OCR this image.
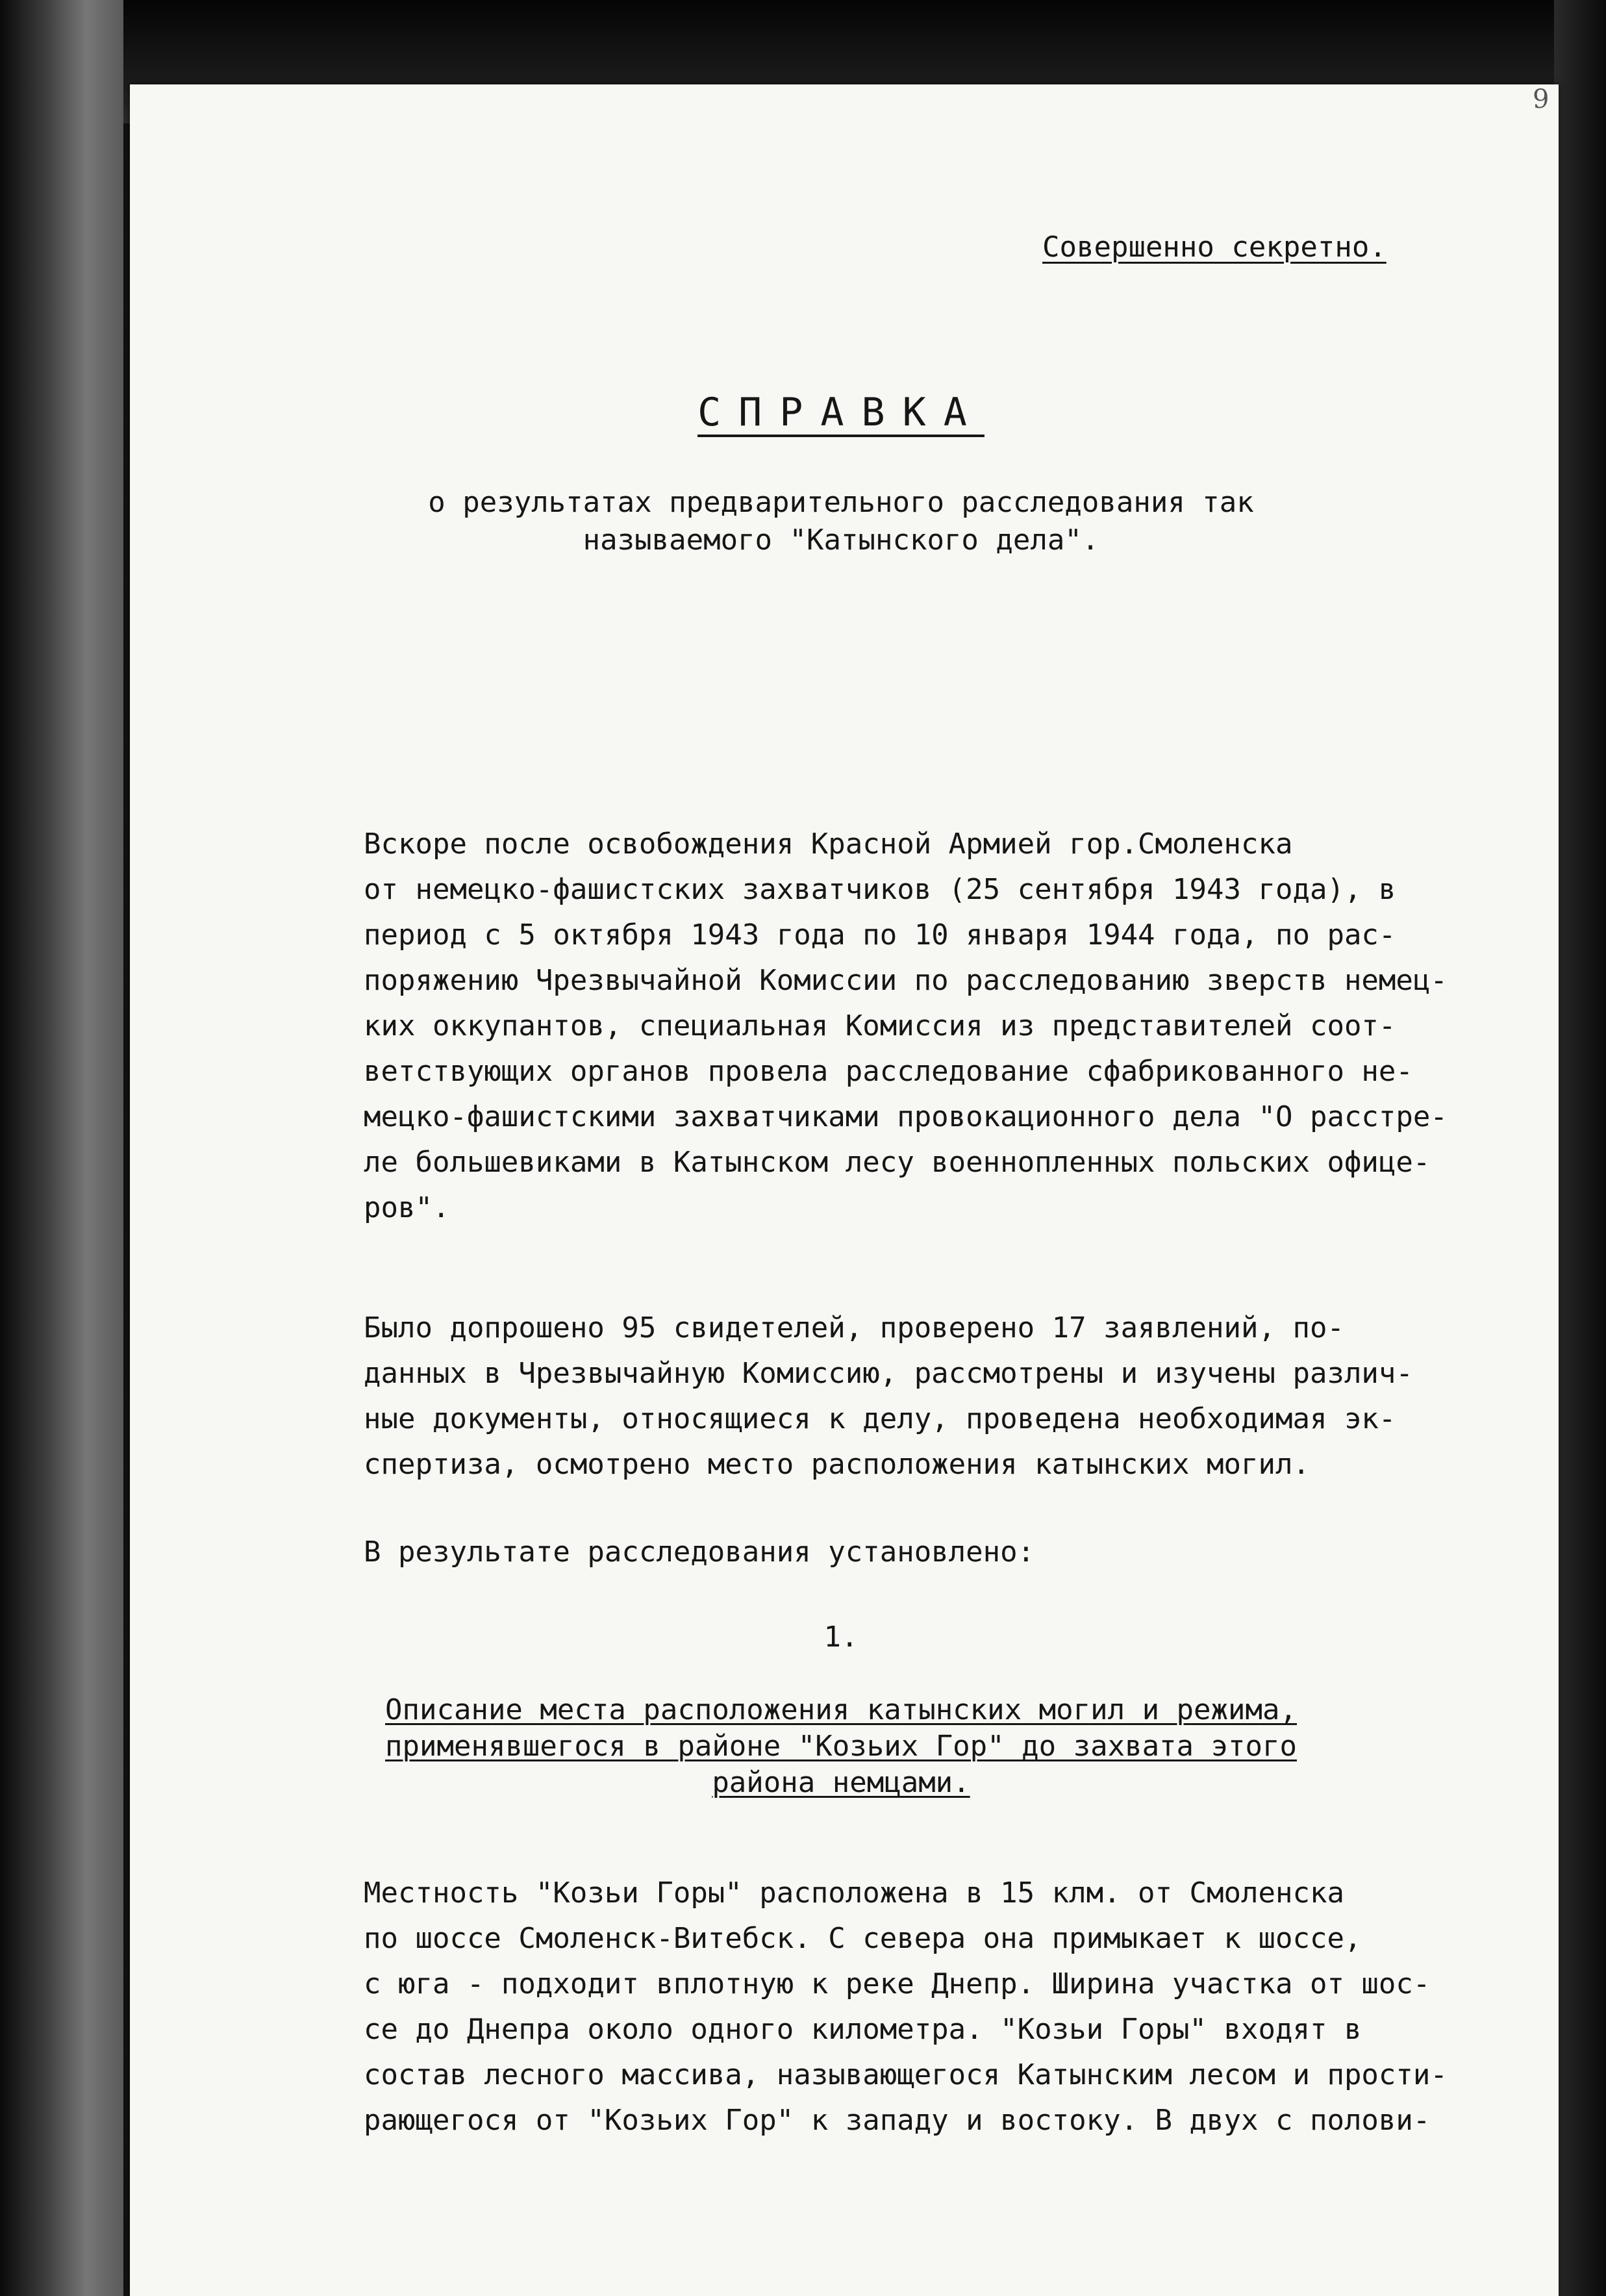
9
Совершенно секретно.
СПРАВКА
о результатах предварительного расследования так
называемого "Катынского дела".

Вскоре после освобождения Красной Армией гор.Смоленска
от немецко-фашистских захватчиков (25 сентября 1943 года), в
период с 5 октября 1943 года по 10 января 1944 года, по рас-
поряжению Чрезвычайной Комиссии по расследованию зверств немец-
ких оккупантов, специальная Комиссия из представителей соот-
ветствующих органов провела расследование сфабрикованного не-
мецко-фашистскими захватчиками провокационного дела "О расстре-
ле большевиками в Катынском лесу военнопленных польских офице-
ров".

Было допрошено 95 свидетелей, проверено 17 заявлений, по-
данных в Чрезвычайную Комиссию, рассмотрены и изучены различ-
ные документы, относящиеся к делу, проведена необходимая эк-
спертиза, осмотрено место расположения катынских могил.

В результате расследования установлено:

1.
Описание места расположения катынских могил и режима,
применявшегося в районе "Козьих Гор" до захвата этого
района немцами.

Местность "Козьи Горы" расположена в 15 клм. от Смоленска
по шоссе Смоленск-Витебск. С севера она примыкает к шоссе,
с юга - подходит вплотную к реке Днепр. Ширина участка от шос-
се до Днепра около одного километра. "Козьи Горы" входят в
состав лесного массива, называющегося Катынским лесом и прости-
рающегося от "Козьих Гор" к западу и востоку. В двух с полови-
